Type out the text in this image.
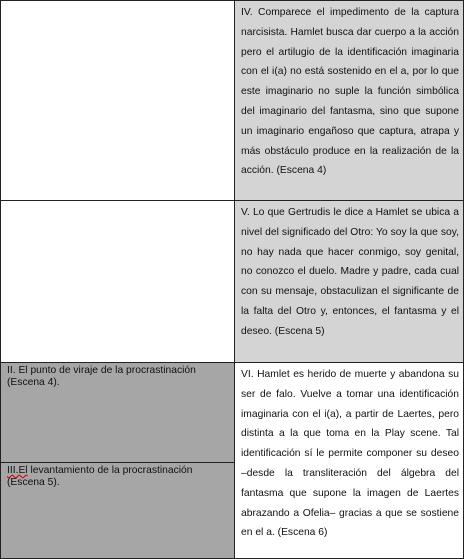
IV. Comparece el impedimento de la captura narcisista. Hamlet busca dar cuerpo a la acción pero el artilugio de la identificación imaginaria con el i(a) no está sostenido en el a, por lo que este imaginario no suple la función simbólica del imaginario del fantasma, sino que supone un imaginario engañoso que captura, atrapa y más obstáculo produce en la realización de la acción. (Escena 4)

V. Lo que Gertrudis le dice a Hamlet se ubica a nivel del significado del Otro: Yo soy la que soy, no hay nada que hacer conmigo, soy genital, no conozco el duelo. Madre y padre, cada cual con su mensaje, obstaculizan el significante de la falta del Otro y, entonces, el fantasma y el deseo. (Escena 5)

II. El punto de viraje de la procrastinación (Escena 4).

III.El levantamiento de la procrastinación (Escena 5).

VI. Hamlet es herido de muerte y abandona su ser de falo. Vuelve a tomar una identificación imaginaria con el i(a), a partir de Laertes, pero distinta a la que toma en la Play scene. Tal identificación sí le permite componer su deseo –desde la transliteración del álgebra del fantasma que supone la imagen de Laertes abrazando a Ofelia– gracias a que se sostiene en el a. (Escena 6)
